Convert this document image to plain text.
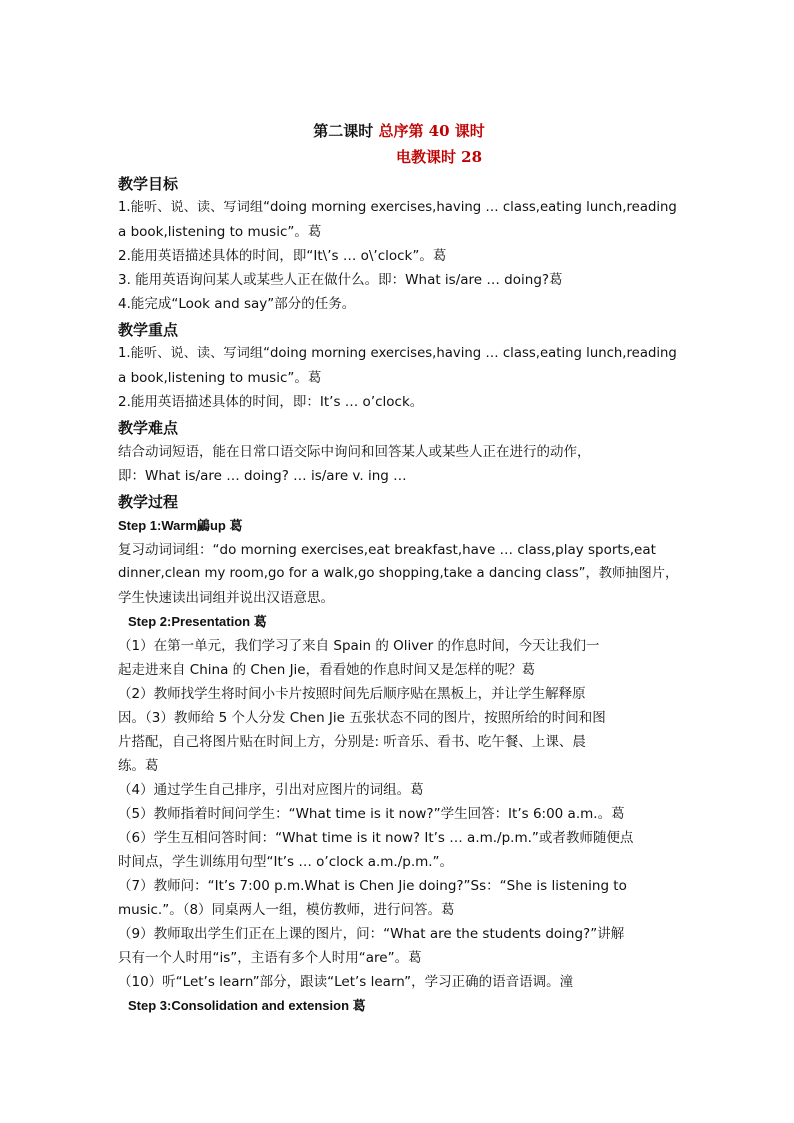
第二课时 总序第 40 课时
电教课时 28
教学目标
1.能听、说、读、写词组“doing morning exercises,having … class,eating lunch,reading
a book,listening to music”。葛
2.能用英语描述具体的时间，即“It\’s … o\’clock”。葛
3. 能用英语询问某人或某些人正在做什么。即：What is/are … doing?葛
4.能完成“Look and say”部分的任务。
教学重点
1.能听、说、读、写词组“doing morning exercises,having … class,eating lunch,reading
a book,listening to music”。葛
2.能用英语描述具体的时间，即：It’s … o’clock。
教学难点
结合动词短语，能在日常口语交际中询问和回答某人或某些人正在进行的动作，
即：What is/are … doing? … is/are v. ing …
教学过程
Step 1:Warm鶣up 葛
复习动词词组：“do morning exercises,eat breakfast,have … class,play sports,eat
dinner,clean my room,go for a walk,go shopping,take a dancing class”，教师抽图片，
学生快速读出词组并说出汉语意思。
Step 2:Presentation 葛
（1）在第一单元，我们学习了来自 Spain 的 Oliver 的作息时间，今天让我们一
起走进来自 China 的 Chen Jie，看看她的作息时间又是怎样的呢？葛
（2）教师找学生将时间小卡片按照时间先后顺序贴在黑板上，并让学生解释原
因。（3）教师给 5 个人分发 Chen Jie 五张状态不同的图片，按照所给的时间和图
片搭配，自己将图片贴在时间上方，分别是: 听音乐、看书、吃午餐、上课、晨
练。葛
（4）通过学生自己排序，引出对应图片的词组。葛
（5）教师指着时间问学生：“What time is it now?”学生回答：It’s 6:00 a.m.。葛
（6）学生互相问答时间：“What time is it now? It’s … a.m./p.m.”或者教师随便点
时间点，学生训练用句型“It’s … o’clock a.m./p.m.”。
（7）教师问：“It’s 7:00 p.m.What is Chen Jie doing?”Ss：“She is listening to
music.”。（8）同桌两人一组，模仿教师，进行问答。葛
（9）教师取出学生们正在上课的图片，问：“What are the students doing?”讲解
只有一个人时用“is”，主语有多个人时用“are”。葛
（10）听“Let’s learn”部分，跟读“Let’s learn”，学习正确的语音语调。潼
Step 3:Consolidation and extension 葛
